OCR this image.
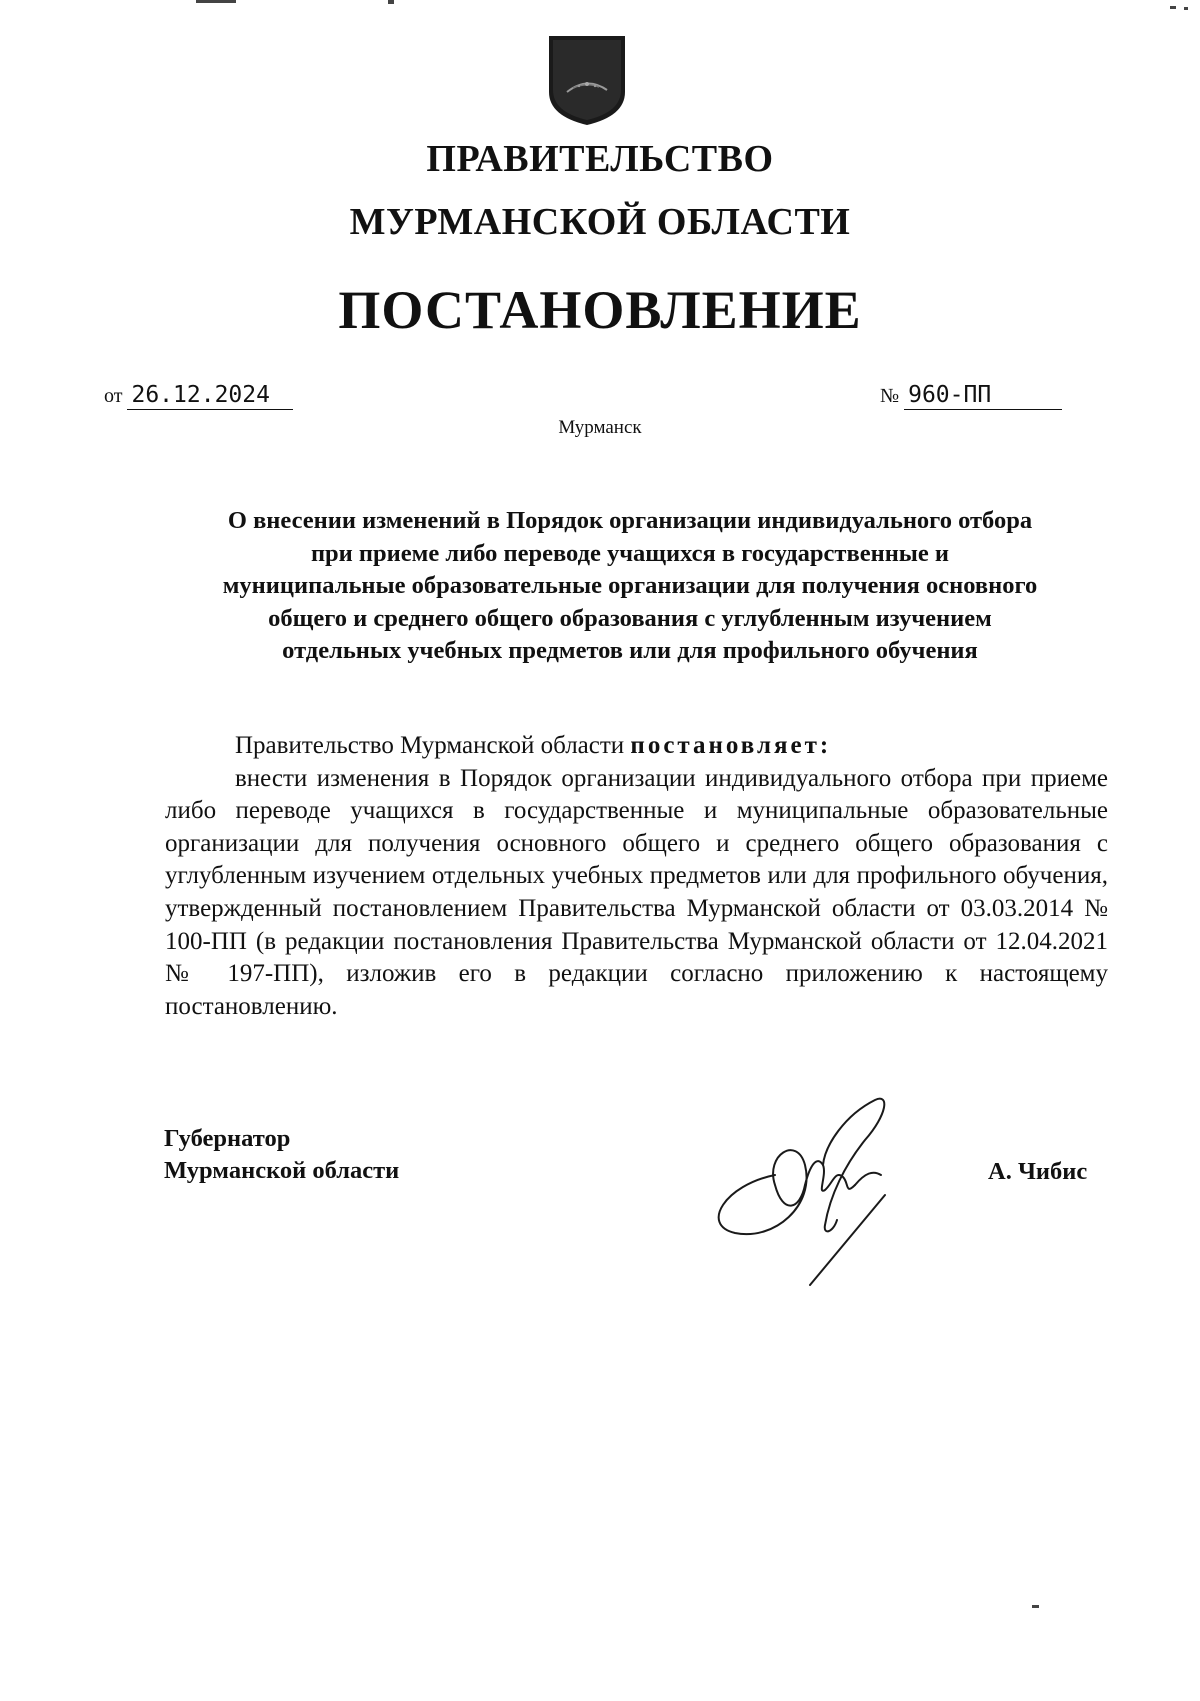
ПРАВИТЕЛЬСТВО
МУРМАНСКОЙ ОБЛАСТИ
ПОСТАНОВЛЕНИЕ
от 26.12.2024	№ 960-ПП
Мурманск
О внесении изменений в Порядок организации индивидуального отбора
при приеме либо переводе учащихся в государственные и
муниципальные образовательные организации для получения основного
общего и среднего общего образования с углубленным изучением
отдельных учебных предметов или для профильного обучения

Правительство Мурманской области постановляет:

внести изменения в Порядок организации индивидуального отбора при приеме либо переводе учащихся в государственные и муниципальные образовательные организации для получения основного общего и среднего общего образования с углубленным изучением отдельных учебных предметов или для профильного обучения, утвержденный постановлением Правительства Мурманской области от 03.03.2014 № 100-ПП (в редакции постановления Правительства Мурманской области от 12.04.2021 № 197-ПП), изложив его в редакции согласно приложению к настоящему постановлению.

Губернатор
Мурманской области	А. Чибис
